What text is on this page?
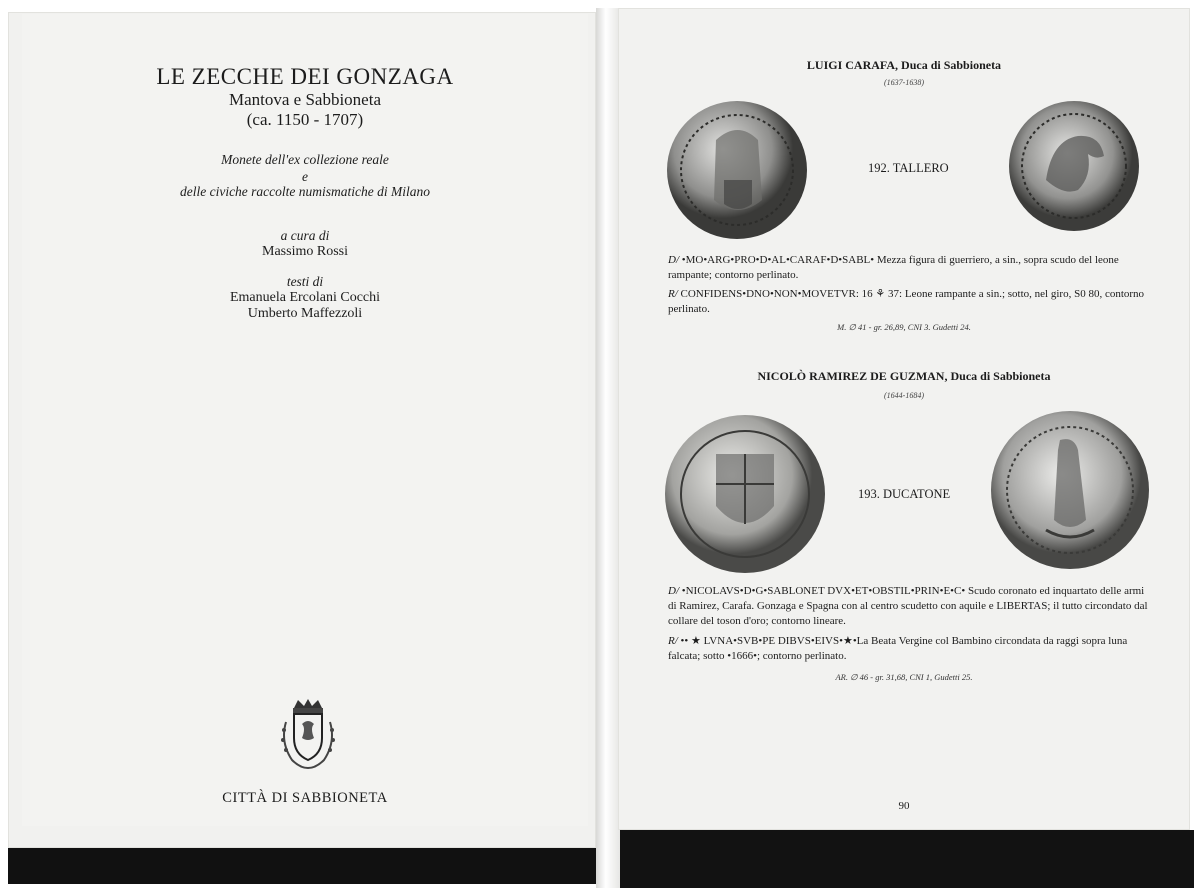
LE ZECCHE DEI GONZAGA
Mantova e Sabbioneta
(ca. 1150 - 1707)
Monete dell'ex collezione reale
e
delle civiche raccolte numismatiche di Milano
a cura di
Massimo Rossi
testi di
Emanuela Ercolani Cocchi
Umberto Maffezzoli
CITTÀ DI SABBIONETA
LUIGI CARAFA, Duca di Sabbioneta
(1637-1638)
192. TALLERO
D/ •MO•ARG•PRO•D•AL•CARAF•D•SABL• Mezza figura di guerriero, a sin., sopra scudo del leone rampante; contorno perlinato.
R/ CONFIDENS•DNO•NON•MOVETVR: 16 ⚘ 37: Leone rampante a sin.; sotto, nel giro, S0 80, contorno perlinato.
M. ∅ 41 - gr. 26,89, CNI 3. Gudetti 24.
NICOLÒ RAMIREZ DE GUZMAN, Duca di Sabbioneta
(1644-1684)
193. DUCATONE
D/ •NICOLAVS•D•G•SABLONET DVX•ET•OBSTIL•PRIN•E•C• Scudo coronato ed inquartato delle armi di Ramirez, Carafa. Gonzaga e Spagna con al centro scudetto con aquile e LIBERTAS; il tutto circondato dal collare del toson d'oro; contorno lineare.
R/ •• ★ LVNA•SVB•PE DIBVS•EIVS•★•La Beata Vergine col Bambino circondata da raggi sopra luna falcata; sotto •1666•; contorno perlinato.
AR. ∅ 46 - gr. 31,68, CNI 1, Gudetti 25.
90
